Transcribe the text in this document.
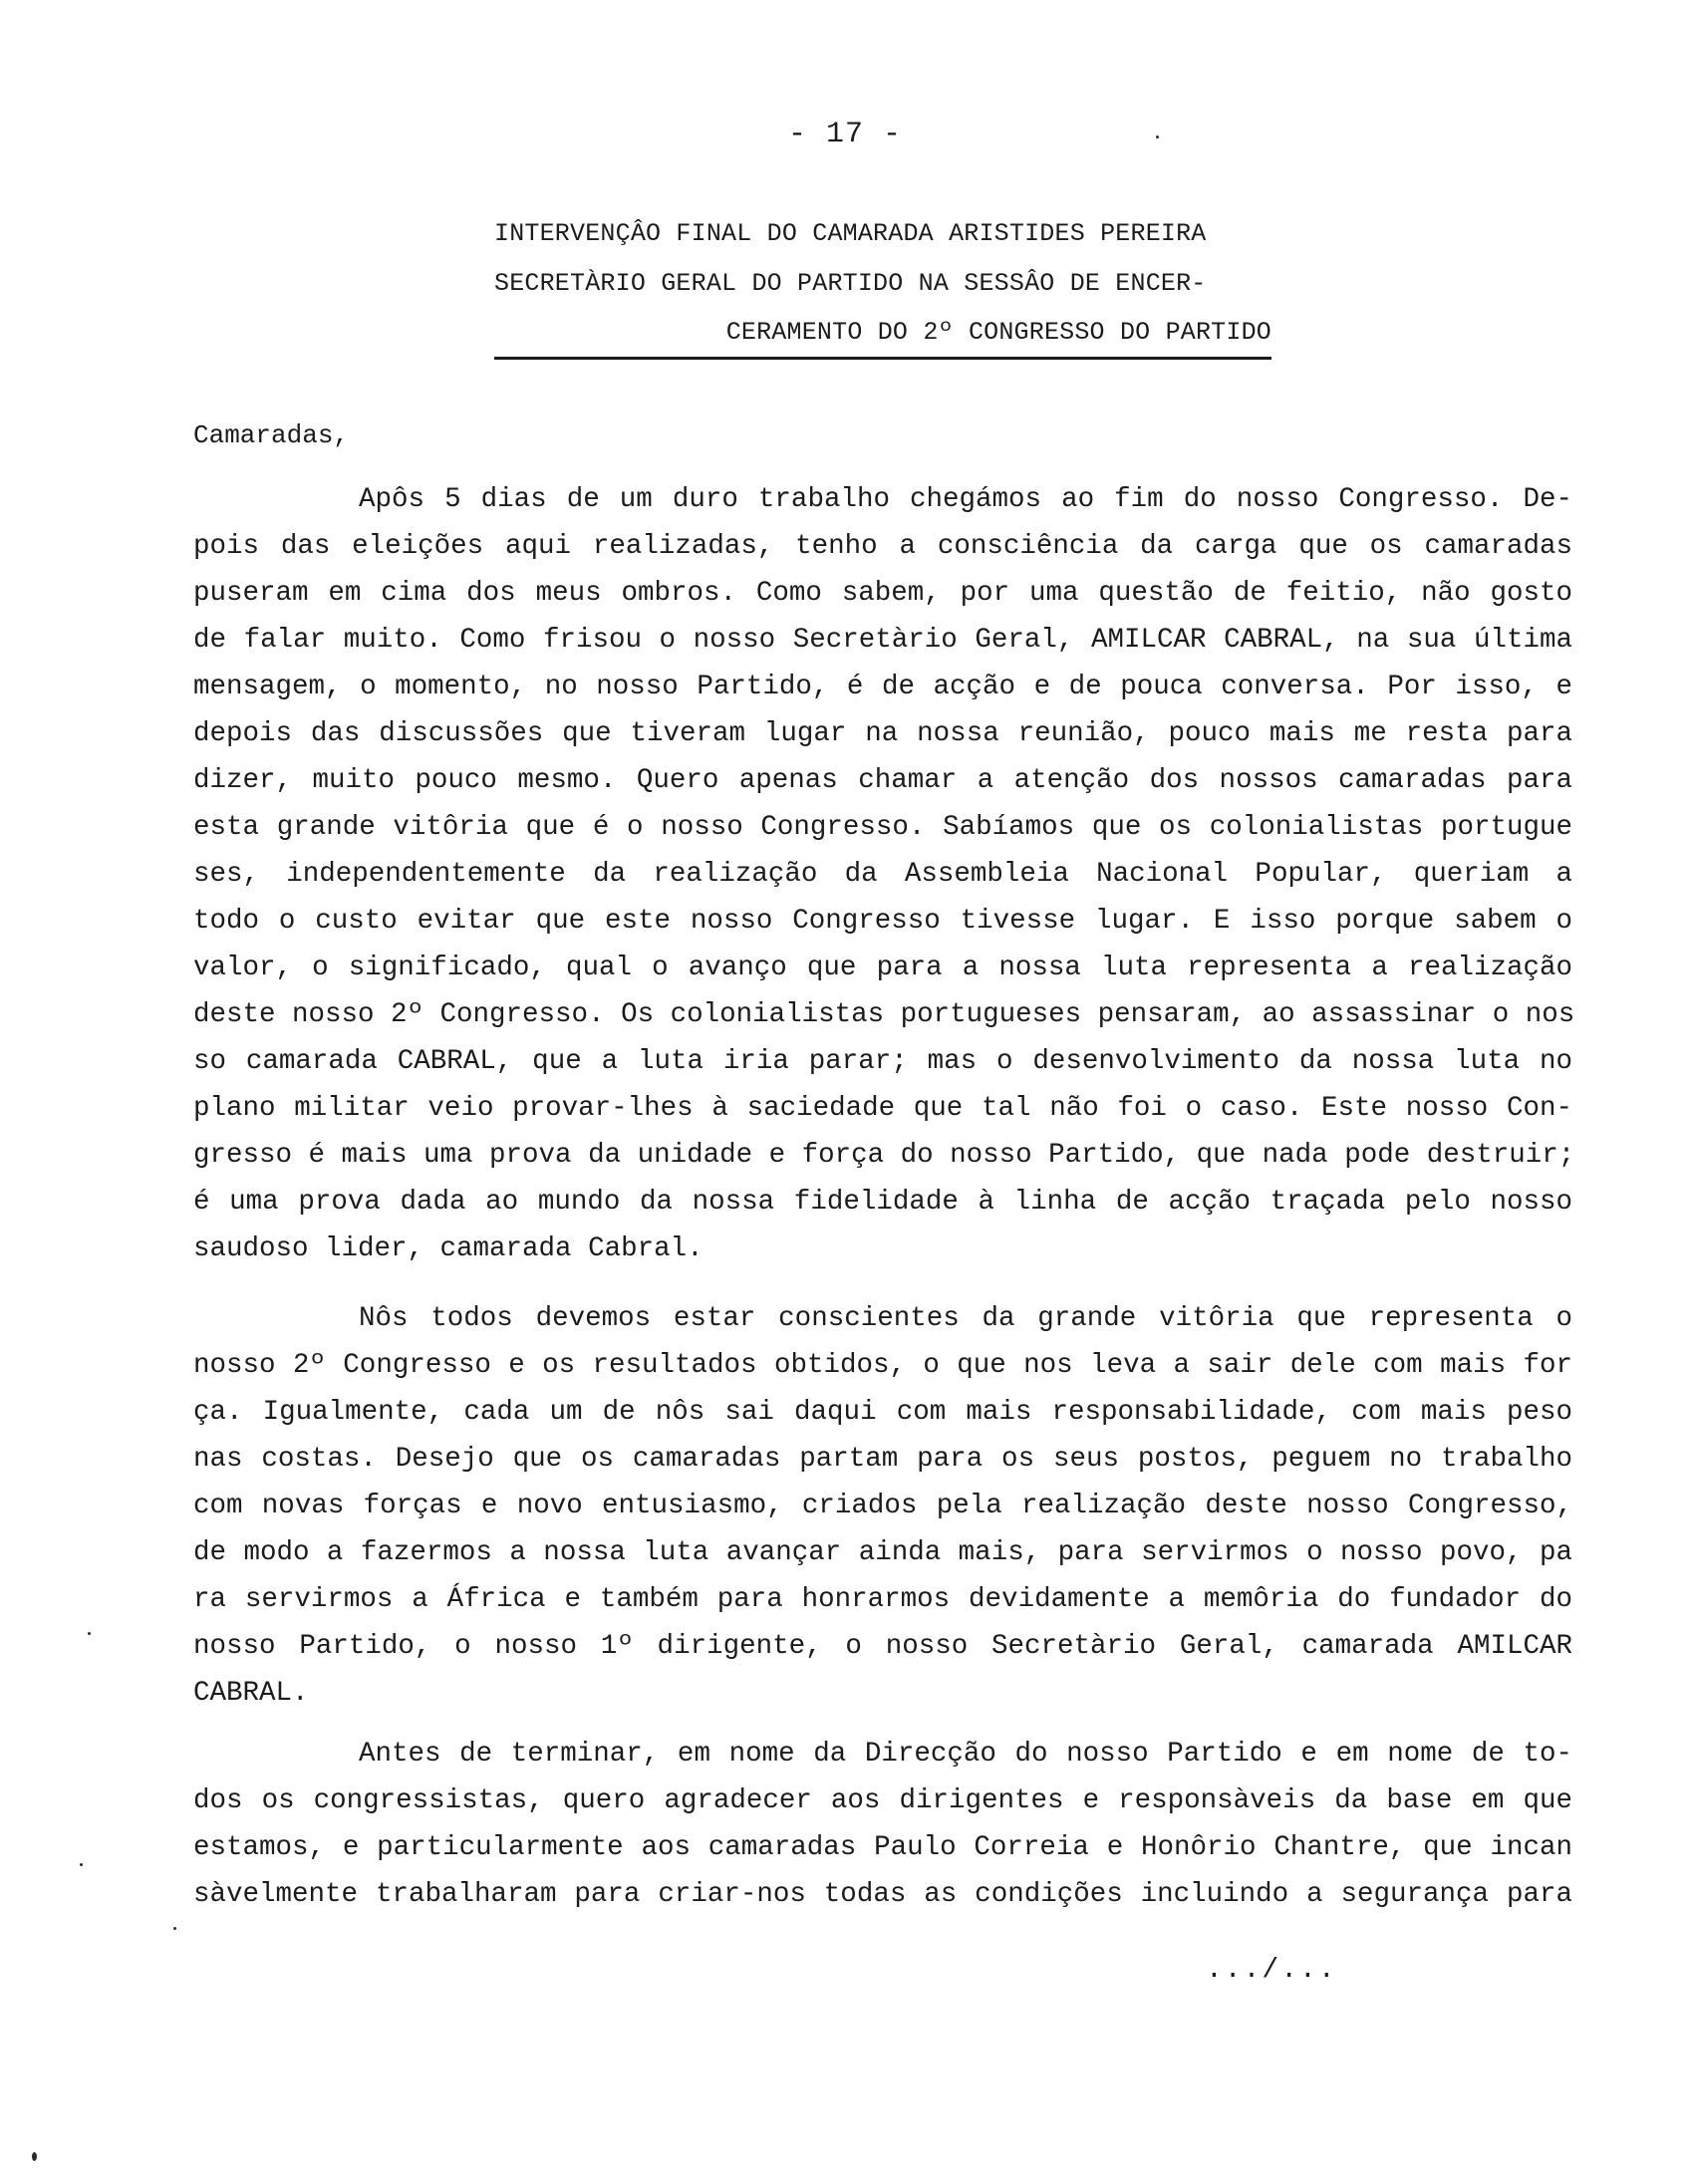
- 17 -
INTERVENÇÂO FINAL DO CAMARADA ARISTIDES PEREIRA
SECRETÀRIO GERAL DO PARTIDO NA SESSÂO DE ENCER-
CERAMENTO DO 2º CONGRESSO DO PARTIDO
Camaradas,
Apôs 5 dias de um duro trabalho chegámos ao fim do nosso Congresso. De-
pois das eleições aqui realizadas, tenho a consciência da carga que os camaradas
puseram em cima dos meus ombros. Como sabem, por uma questão de feitio, não gosto
de falar muito. Como frisou o nosso Secretàrio Geral, AMILCAR CABRAL, na sua última
mensagem, o momento, no nosso Partido, é de acção e de pouca conversa. Por isso, e
depois das discussões que tiveram lugar na nossa reunião, pouco mais me resta para
dizer, muito pouco mesmo. Quero apenas chamar a atenção dos nossos camaradas para
esta grande vitôria que é o nosso Congresso. Sabíamos que os colonialistas portugue
ses, independentemente da realização da Assembleia Nacional Popular, queriam a
todo o custo evitar que este nosso Congresso tivesse lugar. E isso porque sabem o
valor, o significado, qual o avanço que para a nossa luta representa a realização
deste nosso 2º Congresso. Os colonialistas portugueses pensaram, ao assassinar o nos
so camarada CABRAL, que a luta iria parar; mas o desenvolvimento da nossa luta no
plano militar veio provar-lhes à saciedade que tal não foi o caso. Este nosso Con-
gresso é mais uma prova da unidade e força do nosso Partido, que nada pode destruir;
é uma prova dada ao mundo da nossa fidelidade à linha de acção traçada pelo nosso
saudoso lider, camarada Cabral.
Nôs todos devemos estar conscientes da grande vitôria que representa o
nosso 2º Congresso e os resultados obtidos, o que nos leva a sair dele com mais for
ça. Igualmente, cada um de nôs sai daqui com mais responsabilidade, com mais peso
nas costas. Desejo que os camaradas partam para os seus postos, peguem no trabalho
com novas forças e novo entusiasmo, criados pela realização deste nosso Congresso,
de modo a fazermos a nossa luta avançar ainda mais, para servirmos o nosso povo, pa
ra servirmos a África e também para honrarmos devidamente a memôria do fundador do
nosso Partido, o nosso 1º dirigente, o nosso Secretàrio Geral, camarada AMILCAR
CABRAL.
Antes de terminar, em nome da Direcção do nosso Partido e em nome de to-
dos os congressistas, quero agradecer aos dirigentes e responsàveis da base em que
estamos, e particularmente aos camaradas Paulo Correia e Honôrio Chantre, que incan
sàvelmente trabalharam para criar-nos todas as condições incluindo a segurança para
.../...
